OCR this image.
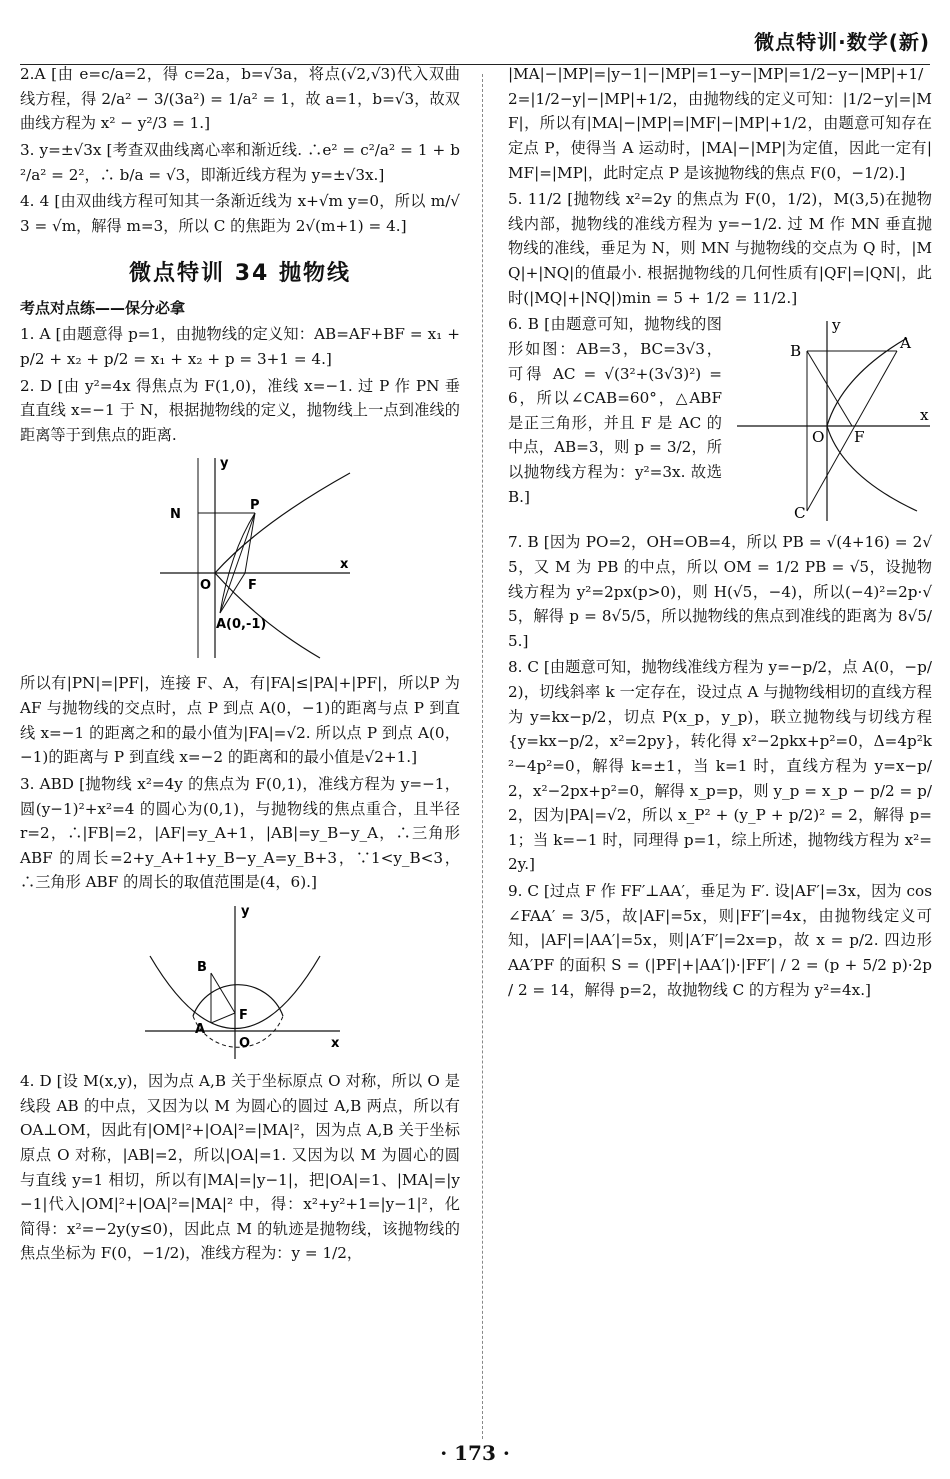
微点特训·数学(新)

2.A [由 e=c/a=2，得 c=2a，b=√3a，将点(√2,√3)代入双曲线方程，得 2/a² − 3/(3a²) = 1/a² = 1，故 a=1，b=√3，故双曲线方程为 x² − y²/3 = 1.]

3. y=±√3x [考查双曲线离心率和渐近线. ∴e² = c²/a² = 1 + b²/a² = 2²，∴ b/a = √3，即渐近线方程为 y=±√3x.]

4. 4 [由双曲线方程可知其一条渐近线为 x+√m y=0，所以 m/√3 = √m，解得 m=3，所以 C 的焦距为 2√(m+1) = 4.]

微点特训 34 抛物线
考点对点练——保分必拿

1. A [由题意得 p=1，由抛物线的定义知：AB=AF+BF = x₁ + p/2 + x₂ + p/2 = x₁ + x₂ + p = 3+1 = 4.]

2. D [由 y²=4x 得焦点为 F(1,0)，准线 x=−1. 过 P 作 PN 垂直直线 x=−1 于 N，根据抛物线的定义，抛物线上一点到准线的距离等于到焦点的距离.

y
x
N
P
O	F
A(0,-1)

所以有|PN|=|PF|，连接 F、A，有|FA|≤|PA|+|PF|，所以P 为 AF 与抛物线的交点时，点 P 到点 A(0，−1)的距离与点 P 到直线 x=−1 的距离之和的最小值为|FA|=√2. 所以点 P 到点 A(0，−1)的距离与 P 到直线 x=−2 的距离和的最小值是√2+1.]

3. ABD [抛物线 x²=4y 的焦点为 F(0,1)，准线方程为 y=−1，圆(y−1)²+x²=4 的圆心为(0,1)，与抛物线的焦点重合，且半径 r=2，∴|FB|=2，|AF|=y_A+1，|AB|=y_B−y_A，∴三角形 ABF 的周长=2+y_A+1+y_B−y_A=y_B+3，∵1<y_B<3，∴三角形 ABF 的周长的取值范围是(4，6).]

y
x
B
A
F
O

4. D [设 M(x,y)，因为点 A,B 关于坐标原点 O 对称，所以 O 是线段 AB 的中点，又因为以 M 为圆心的圆过 A,B 两点，所以有 OA⊥OM，因此有|OM|²+|OA|²=|MA|²，因为点 A,B 关于坐标原点 O 对称，|AB|=2，所以|OA|=1. 又因为以 M 为圆心的圆与直线 y=1 相切，所以有|MA|=|y−1|，把|OA|=1、|MA|=|y−1|代入|OM|²+|OA|²=|MA|² 中，得：x²+y²+1=|y−1|²，化简得：x²=−2y(y≤0)，因此点 M 的轨迹是抛物线，该抛物线的焦点坐标为 F(0，−1/2)，准线方程为：y = 1/2，

|MA|−|MP|=|y−1|−|MP|=1−y−|MP|=1/2−y−|MP|+1/2=|1/2−y|−|MP|+1/2，由抛物线的定义可知：|1/2−y|=|MF|，所以有|MA|−|MP|=|MF|−|MP|+1/2，由题意可知存在定点 P，使得当 A 运动时，|MA|−|MP|为定值，因此一定有|MF|=|MP|，此时定点 P 是该抛物线的焦点 F(0，−1/2).]

5. 11/2 [抛物线 x²=2y 的焦点为 F(0，1/2)，M(3,5)在抛物线内部，抛物线的准线方程为 y=−1/2. 过 M 作 MN 垂直抛物线的准线，垂足为 N，则 MN 与抛物线的交点为 Q 时，|MQ|+|NQ|的值最小. 根据抛物线的几何性质有|QF|=|QN|，此时(|MQ|+|NQ|)min = 5 + 1/2 = 11/2.]

y
x
B	A
O F
C

6. B [由题意可知，抛物线的图形如图：AB=3，BC=3√3，可得 AC = √(3²+(3√3)²) = 6，所以∠CAB=60°，△ABF 是正三角形，并且 F 是 AC 的中点，AB=3，则 p = 3/2，所以抛物线方程为：y²=3x. 故选 B.]

7. B [因为 PO=2，OH=OB=4，所以 PB = √(4+16) = 2√5，又 M 为 PB 的中点，所以 OM = 1/2 PB = √5，设抛物线方程为 y²=2px(p>0)，则 H(√5，−4)，所以(−4)²=2p·√5，解得 p = 8√5/5，所以抛物线的焦点到准线的距离为 8√5/5.]

8. C [由题意可知，抛物线准线方程为 y=−p/2，点 A(0，−p/2)，切线斜率 k 一定存在，设过点 A 与抛物线相切的直线方程为 y=kx−p/2，切点 P(x_p，y_p)，联立抛物线与切线方程 {y=kx−p/2，x²=2py}，转化得 x²−2pkx+p²=0，Δ=4p²k²−4p²=0，解得 k=±1，当 k=1 时，直线方程为 y=x−p/2，x²−2px+p²=0，解得 x_p=p，则 y_p = x_p − p/2 = p/2，因为|PA|=√2，所以 x_P² + (y_P + p/2)² = 2，解得 p=1；当 k=−1 时，同理得 p=1，综上所述，抛物线方程为 x²=2y.]

9. C [过点 F 作 FF′⊥AA′，垂足为 F′. 设|AF′|=3x，因为 cos∠FAA′ = 3/5，故|AF|=5x，则|FF′|=4x，由抛物线定义可知，|AF|=|AA′|=5x，则|A′F′|=2x=p，故 x = p/2. 四边形 AA′PF 的面积 S = (|PF|+|AA′|)·|FF′| / 2 = (p + 5/2 p)·2p / 2 = 14，解得 p=2，故抛物线 C 的方程为 y²=4x.]

· 173 ·
